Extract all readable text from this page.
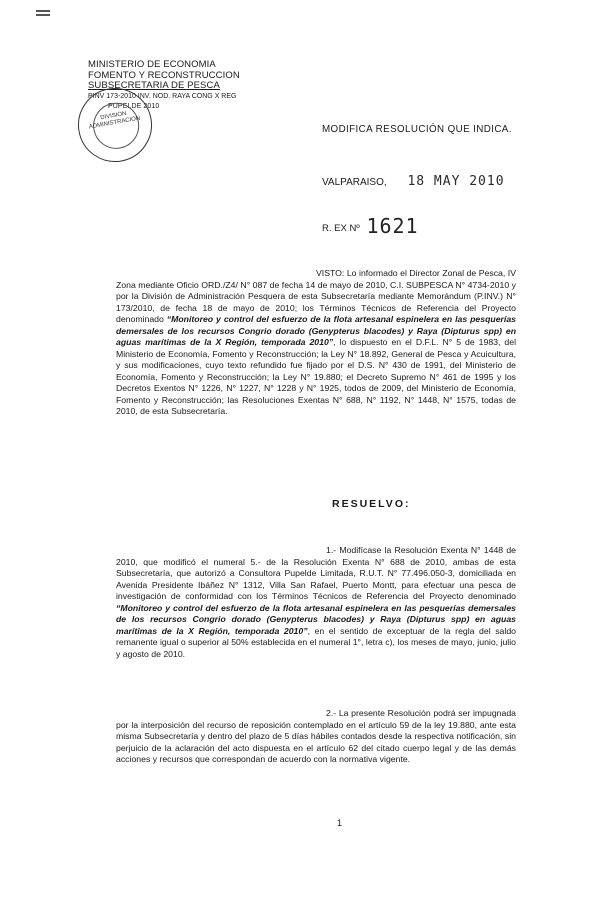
MINISTERIO DE ECONOMIA
FOMENTO Y RECONSTRUCCION
SUBSECRETARIA DE PESCA
PINV 173-2010 INV. NOD. RAYA CONG X REG
PUPELDE 2010
DIVISION ADMINISTRACION	MODIFICA RESOLUCIÓN QUE INDICA.
VALPARAISO, 18 MAY 2010
R. EX Nº 1621
VISTO: Lo informado el Director Zonal de Pesca, IV Zona mediante Oficio ORD./Z4/ N° 087 de fecha 14 de mayo de 2010, C.I. SUBPESCA N° 4734-2010 y por la División de Administración Pesquera de esta Subsecretaría mediante Memorándum (P.INV.) N° 173/2010, de fecha 18 de mayo de 2010; los Términos Técnicos de Referencia del Proyecto denominado “Monitoreo y control del esfuerzo de la flota artesanal espinelera en las pesquerías demersales de los recursos Congrio dorado (Genypterus blacodes) y Raya (Dipturus spp) en aguas marítimas de la X Región, temporada 2010”, lo dispuesto en el D.F.L. N° 5 de 1983, del Ministerio de Economía, Fomento y Reconstrucción; la Ley N° 18.892, General de Pesca y Acuicultura, y sus modificaciones, cuyo texto refundido fue fijado por el D.S. N° 430 de 1991, del Ministerio de Economía, Fomento y Reconstrucción; la Ley N° 19.880; el Decreto Supremo N° 461 de 1995 y los Decretos Exentos N° 1226, N° 1227, N° 1228 y N° 1925, todos de 2009, del Ministerio de Economía, Fomento y Reconstrucción; las Resoluciones Exentas N° 688, N° 1192, N° 1448, N° 1575, todas de 2010, de esta Subsecretaría.
RESUELVO:
1.- Modifícase la Resolución Exenta N° 1448 de 2010, que modificó el numeral 5.- de la Resolución Exenta N° 688 de 2010, ambas de esta Subsecretaría, que autorizó a Consultora Pupelde Limitada, R.U.T. N° 77.496.050-3, domiciliada en Avenida Presidente Ibáñez N° 1312, Villa San Rafael, Puerto Montt, para efectuar una pesca de investigación de conformidad con los Términos Técnicos de Referencia del Proyecto denominado “Monitoreo y control del esfuerzo de la flota artesanal espinelera en las pesquerías demersales de los recursos Congrio dorado (Genypterus blacodes) y Raya (Dipturus spp) en aguas marítimas de la X Región, temporada 2010”, en el sentido de exceptuar de la regla del saldo remanente igual o superior al 50% establecida en el numeral 1°, letra c), los meses de mayo, junio, julio y agosto de 2010.
2.- La presente Resolución podrá ser impugnada por la interposición del recurso de reposición contemplado en el artículo 59 de la ley 19.880, ante esta misma Subsecretaría y dentro del plazo de 5 días hábiles contados desde la respectiva notificación, sin perjuicio de la aclaración del acto dispuesta en el artículo 62 del citado cuerpo legal y de las demás acciones y recursos que correspondan de acuerdo con la normativa vigente.
1
